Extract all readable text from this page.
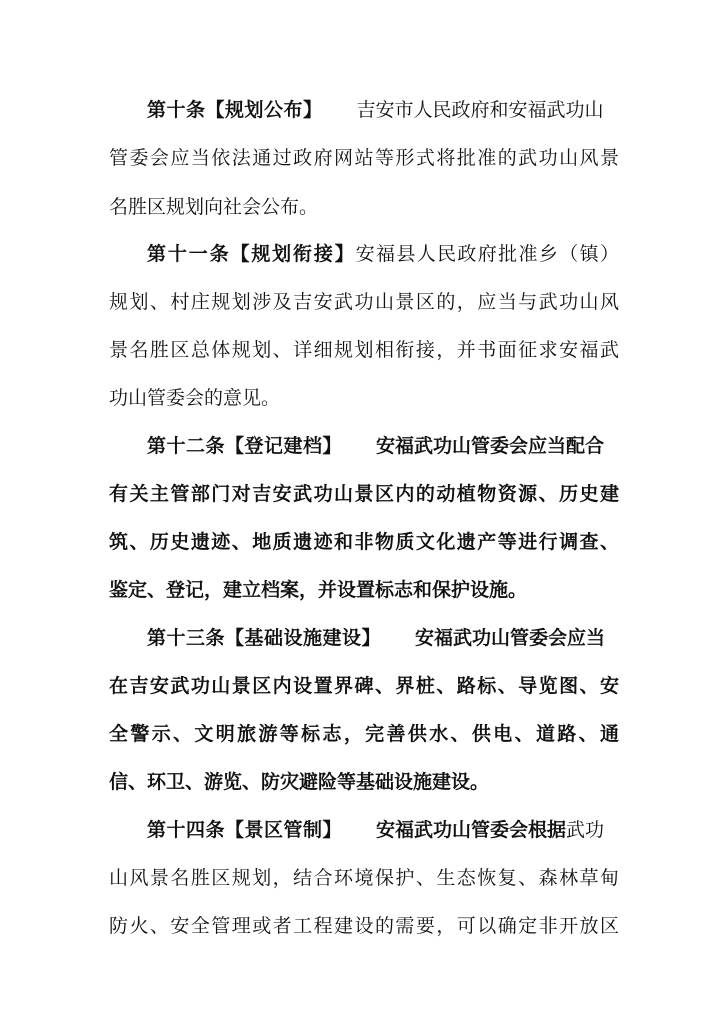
第十条【规划公布】 吉安市人民政府和安福武功山
管委会应当依法通过政府网站等形式将批准的武功山风景
名胜区规划向社会公布。
第十一条【规划衔接】安福县人民政府批准乡（镇）
规划、村庄规划涉及吉安武功山景区的，应当与武功山风
景名胜区总体规划、详细规划相衔接，并书面征求安福武
功山管委会的意见。
第十二条【登记建档】 安福武功山管委会应当配合
有关主管部门对吉安武功山景区内的动植物资源、历史建
筑、历史遗迹、地质遗迹和非物质文化遗产等进行调查、
鉴定、登记，建立档案，并设置标志和保护设施。
第十三条【基础设施建设】 安福武功山管委会应当
在吉安武功山景区内设置界碑、界桩、路标、导览图、安
全警示、文明旅游等标志，完善供水、供电、道路、通
信、环卫、游览、防灾避险等基础设施建设。
第十四条【景区管制】 安福武功山管委会根据武功
山风景名胜区规划，结合环境保护、生态恢复、森林草甸
防火、安全管理或者工程建设的需要，可以确定非开放区
